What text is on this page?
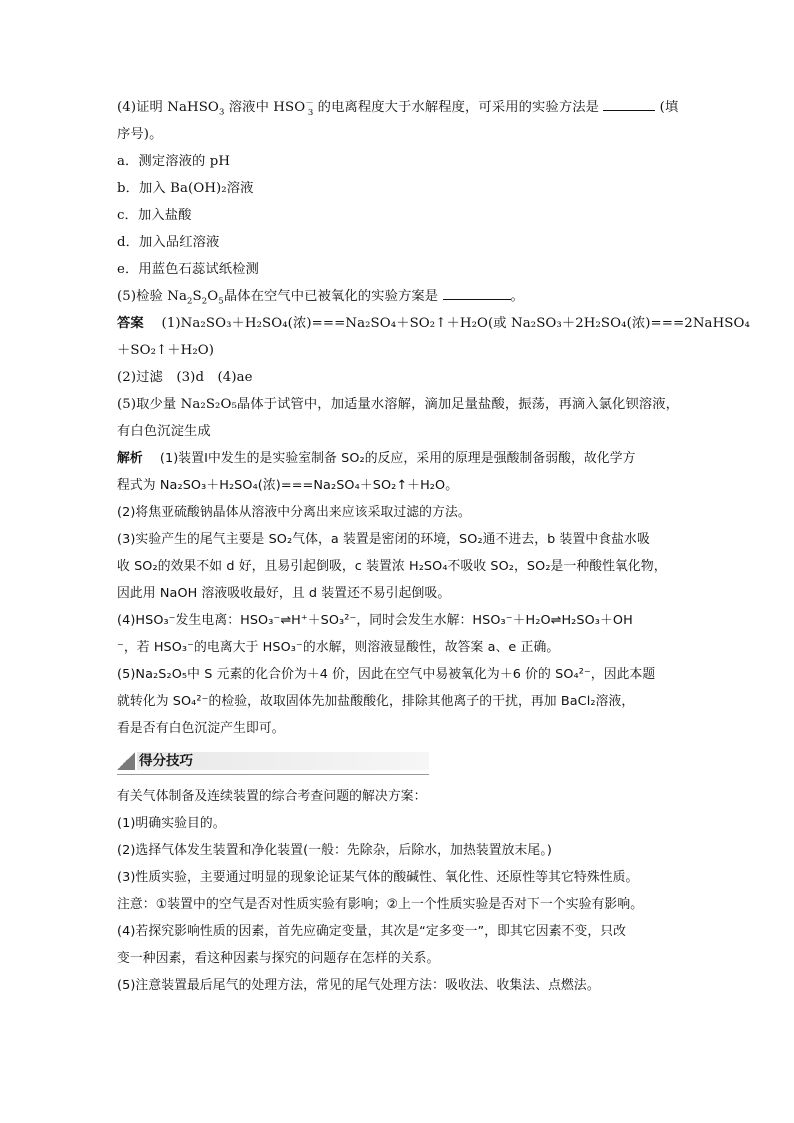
(4)证明 NaHSO$_3$ 溶液中 $HSO^-_3$ 的电离程度大于水解程度，可采用的实验方法是	(填
序号)。
a．测定溶液的 pH
b．加入 Ba(OH)₂溶液
c．加入盐酸
d．加入品红溶液
e．用蓝色石蕊试纸检测
(5)检验 $Na_2S_2O_5$晶体在空气中已被氧化的实验方案是	。
答案　 (1)Na₂SO₃＋H₂SO₄(浓)===Na₂SO₄＋SO₂↑＋H₂O(或 Na₂SO₃＋2H₂SO₄(浓)===2NaHSO₄
＋SO₂↑＋H₂O)
(2)过滤　(3)d　(4)ae
(5)取少量 Na₂S₂O₅晶体于试管中，加适量水溶解，滴加足量盐酸，振荡，再滴入氯化钡溶液，
有白色沉淀生成
解析　 (1)装置Ⅰ中发生的是实验室制备 SO₂的反应，采用的原理是强酸制备弱酸，故化学方
程式为 Na₂SO₃＋H₂SO₄(浓)===Na₂SO₄＋SO₂↑＋H₂O。
(2)将焦亚硫酸钠晶体从溶液中分离出来应该采取过滤的方法。
(3)实验产生的尾气主要是 SO₂气体，a 装置是密闭的环境，SO₂通不进去，b 装置中食盐水吸
收 SO₂的效果不如 d 好，且易引起倒吸，c 装置浓 H₂SO₄不吸收 SO₂，SO₂是一种酸性氧化物，
因此用 NaOH 溶液吸收最好，且 d 装置还不易引起倒吸。
(4)HSO₃⁻发生电离：HSO₃⁻⇌H⁺＋SO₃²⁻，同时会发生水解：HSO₃⁻＋H₂O⇌H₂SO₃＋OH
⁻，若 HSO₃⁻的电离大于 HSO₃⁻的水解，则溶液显酸性，故答案 a、e 正确。
(5)Na₂S₂O₅中 S 元素的化合价为＋4 价，因此在空气中易被氧化为＋6 价的 SO₄²⁻，因此本题
就转化为 SO₄²⁻的检验，故取固体先加盐酸酸化，排除其他离子的干扰，再加 BaCl₂溶液，
看是否有白色沉淀产生即可。
得分技巧
有关气体制备及连续装置的综合考查问题的解决方案：
(1)明确实验目的。
(2)选择气体发生装置和净化装置(一般：先除杂，后除水，加热装置放末尾。)
(3)性质实验，主要通过明显的现象论证某气体的酸碱性、氧化性、还原性等其它特殊性质。
注意：①装置中的空气是否对性质实验有影响；②上一个性质实验是否对下一个实验有影响。
(4)若探究影响性质的因素，首先应确定变量，其次是“定多变一”，即其它因素不变，只改
变一种因素，看这种因素与探究的问题存在怎样的关系。
(5)注意装置最后尾气的处理方法，常见的尾气处理方法：吸收法、收集法、点燃法。
